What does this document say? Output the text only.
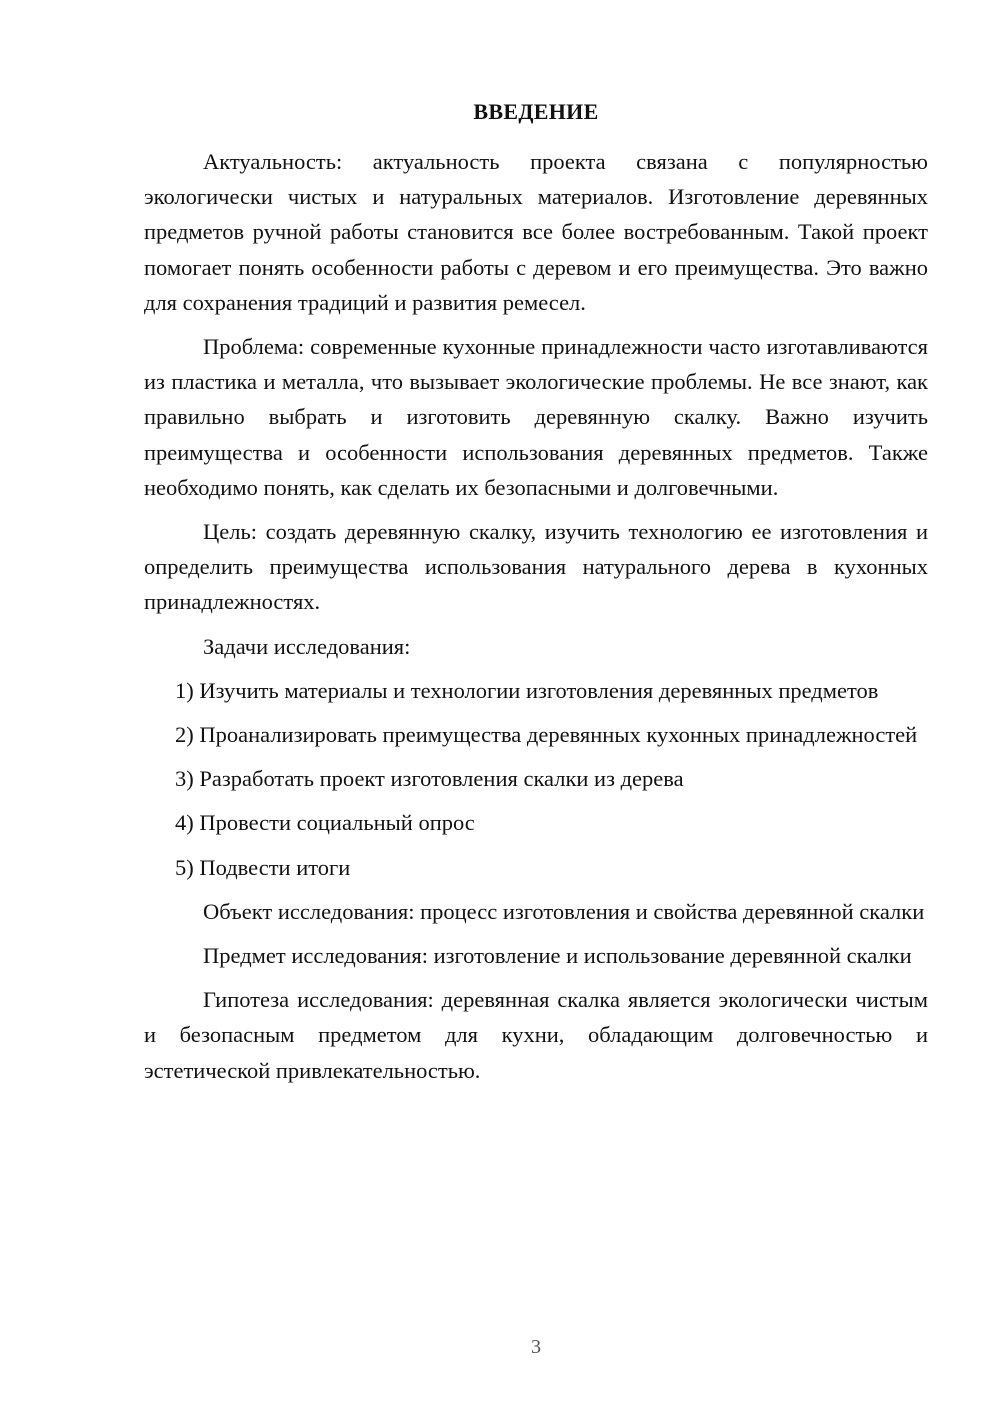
ВВЕДЕНИЕ

Актуальность: актуальность проекта связана с популярностью экологически чистых и натуральных материалов. Изготовление деревянных предметов ручной работы становится все более востребованным. Такой проект помогает понять особенности работы с деревом и его преимущества. Это важно для сохранения традиций и развития ремесел.

Проблема: современные кухонные принадлежности часто изготавливаются из пластика и металла, что вызывает экологические проблемы. Не все знают, как правильно выбрать и изготовить деревянную скалку. Важно изучить преимущества и особенности использования деревянных предметов. Также необходимо понять, как сделать их безопасными и долговечными.

Цель: создать деревянную скалку, изучить технологию ее изготовления и определить преимущества использования натурального дерева в кухонных принадлежностях.

Задачи исследования:

1) Изучить материалы и технологии изготовления деревянных предметов

2) Проанализировать преимущества деревянных кухонных принадлежностей

3) Разработать проект изготовления скалки из дерева

4) Провести социальный опрос

5) Подвести итоги

Объект исследования: процесс изготовления и свойства деревянной скалки

Предмет исследования: изготовление и использование деревянной скалки

Гипотеза исследования: деревянная скалка является экологически чистым и безопасным предметом для кухни, обладающим долговечностью и эстетической привлекательностью.

3
